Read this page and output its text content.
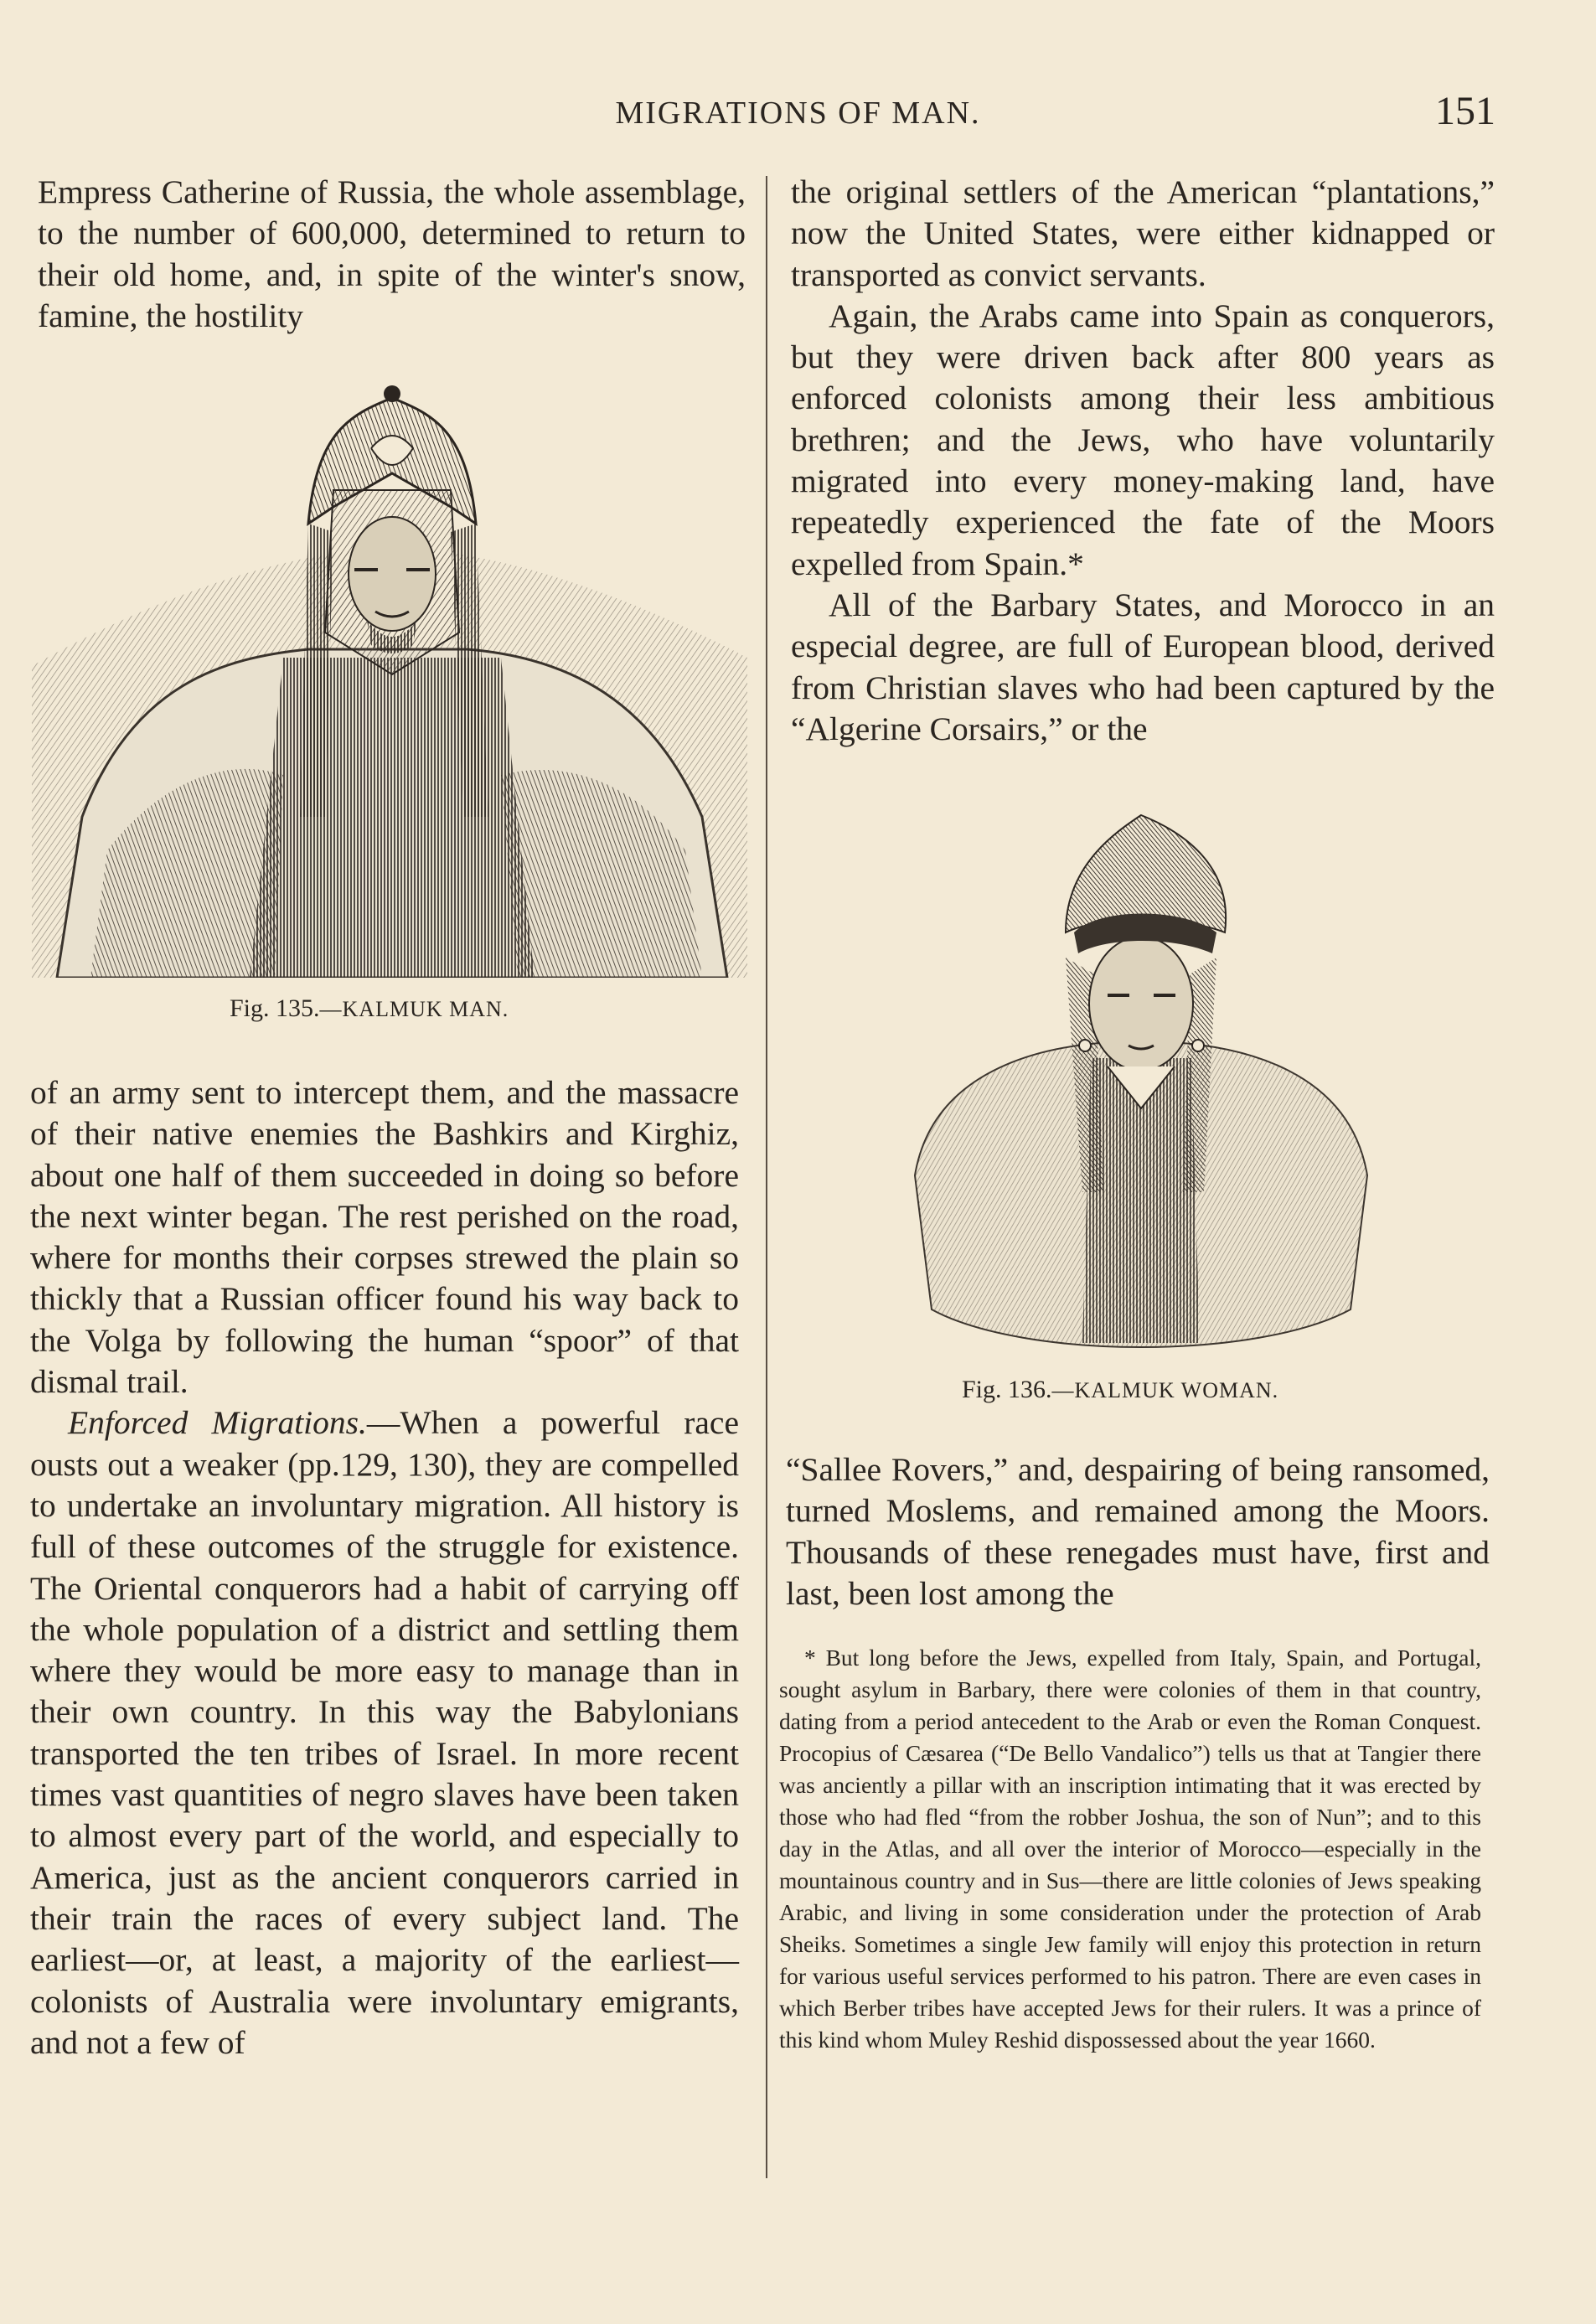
MIGRATIONS OF MAN.	151

Empress Catherine of Russia, the whole assemblage, to the number of 600,000, determined to return to their old home, and, in spite of the winter's snow, famine, the hostility

Fig. 135.—KALMUK MAN.

of an army sent to intercept them, and the massacre of their native enemies the Bashkirs and Kirghiz, about one half of them succeeded in doing so before the next winter began. The rest perished on the road, where for months their corpses strewed the plain so thickly that a Russian officer found his way back to the Volga by following the human “spoor” of that dismal trail.

Enforced Migrations.—When a powerful race ousts out a weaker (pp.129, 130), they are compelled to undertake an involuntary migration. All history is full of these outcomes of the struggle for existence. The Oriental conquerors had a habit of carrying off the whole population of a district and settling them where they would be more easy to manage than in their own country. In this way the Babylonians transported the ten tribes of Israel. In more recent times vast quantities of negro slaves have been taken to almost every part of the world, and especially to America, just as the ancient conquerors carried in their train the races of every subject land. The earliest—or, at least, a majority of the earliest—colonists of Australia were involuntary emigrants, and not a few of

the original settlers of the American “plantations,” now the United States, were either kidnapped or transported as convict servants.

Again, the Arabs came into Spain as conquerors, but they were driven back after 800 years as enforced colonists among their less ambitious brethren; and the Jews, who have voluntarily migrated into every money-making land, have repeatedly experienced the fate of the Moors expelled from Spain.*

All of the Barbary States, and Morocco in an especial degree, are full of European blood, derived from Christian slaves who had been captured by the “Algerine Corsairs,” or the

Fig. 136.—KALMUK WOMAN.

“Sallee Rovers,” and, despairing of being ransomed, turned Moslems, and remained among the Moors. Thousands of these renegades must have, first and last, been lost among the

* But long before the Jews, expelled from Italy, Spain, and Portugal, sought asylum in Barbary, there were colonies of them in that country, dating from a period antecedent to the Arab or even the Roman Conquest. Procopius of Cæsarea (“De Bello Vandalico”) tells us that at Tangier there was anciently a pillar with an inscription intimating that it was erected by those who had fled “from the robber Joshua, the son of Nun”; and to this day in the Atlas, and all over the interior of Morocco—especially in the mountainous country and in Sus—there are little colonies of Jews speaking Arabic, and living in some consideration under the protection of Arab Sheiks. Sometimes a single Jew family will enjoy this protection in return for various useful services performed to his patron. There are even cases in which Berber tribes have accepted Jews for their rulers. It was a prince of this kind whom Muley Reshid dispossessed about the year 1660.
